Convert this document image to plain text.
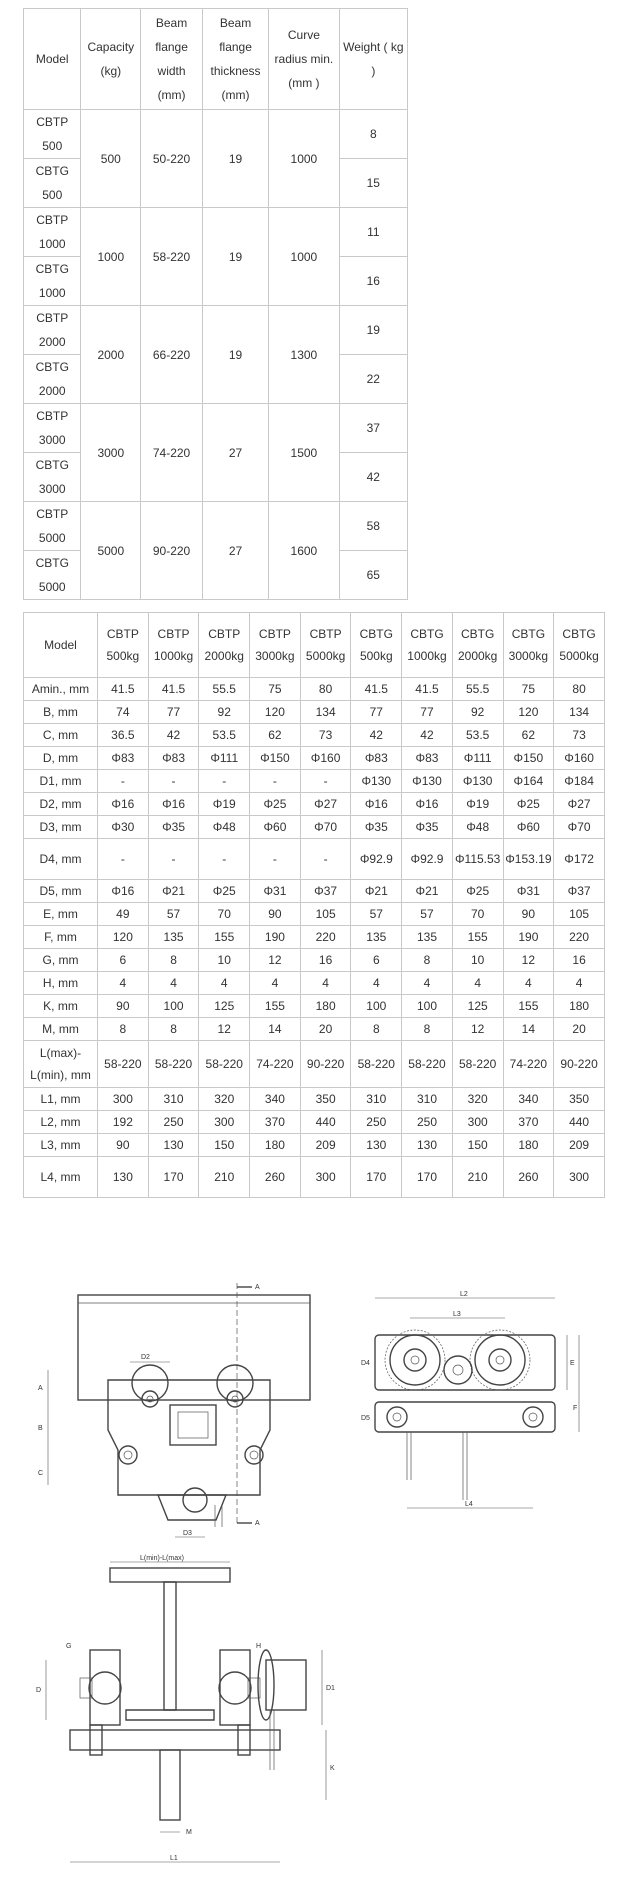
Model	Capacity (kg)	Beam flange width (mm)	Beam flange thickness (mm)	Curve radius min. (mm )	Weight ( kg )
CBTP 500	500	50-220	19	1000	8
CBTG 500					15
CBTP 1000	1000	58-220	19	1000	11
CBTG 1000					16
CBTP 2000	2000	66-220	19	1300	19
CBTG 2000					22
CBTP 3000	3000	74-220	27	1500	37
CBTG 3000					42
CBTP 5000	5000	90-220	27	1600	58
CBTG 5000					65
Model	CBTP 500kg	CBTP 1000kg	CBTP 2000kg	CBTP 3000kg	CBTP 5000kg	CBTG 500kg	CBTG 1000kg	CBTG 2000kg	CBTG 3000kg	CBTG 5000kg
Amin., mm	41.5	41.5	55.5	75	80	41.5	41.5	55.5	75	80
B, mm	74	77	92	120	134	77	77	92	120	134
C, mm	36.5	42	53.5	62	73	42	42	53.5	62	73
D, mm	Φ83	Φ83	Φ111	Φ150	Φ160	Φ83	Φ83	Φ111	Φ150	Φ160
D1, mm	-	-	-	-	-	Φ130	Φ130	Φ130	Φ164	Φ184
D2, mm	Φ16	Φ16	Φ19	Φ25	Φ27	Φ16	Φ16	Φ19	Φ25	Φ27
D3, mm	Φ30	Φ35	Φ48	Φ60	Φ70	Φ35	Φ35	Φ48	Φ60	Φ70
D4, mm	-	-	-	-	-	Φ92.9	Φ92.9	Φ115.53	Φ153.19	Φ172
D5, mm	Φ16	Φ21	Φ25	Φ31	Φ37	Φ21	Φ21	Φ25	Φ31	Φ37
E, mm	49	57	70	90	105	57	57	70	90	105
F, mm	120	135	155	190	220	135	135	155	190	220
G, mm	6	8	10	12	16	6	8	10	12	16
H, mm	4	4	4	4	4	4	4	4	4	4
K, mm	90	100	125	155	180	100	100	125	155	180
M, mm	8	8	12	14	20	8	8	12	14	20
L(max)-L(min), mm	58-220	58-220	58-220	74-220	90-220	58-220	58-220	58-220	74-220	90-220
L1, mm	300	310	320	340	350	310	310	320	340	350
L2, mm	192	250	300	370	440	250	250	300	370	440
L3, mm	90	130	150	180	209	130	130	150	180	209
L4, mm	130	170	210	260	300	170	170	210	260	300
A
A
D2
A
B
C
D3
L2
L3
D4
D5
E
F
L4
L(min)-L(max)
G	H
D	D1
K
M
L1
